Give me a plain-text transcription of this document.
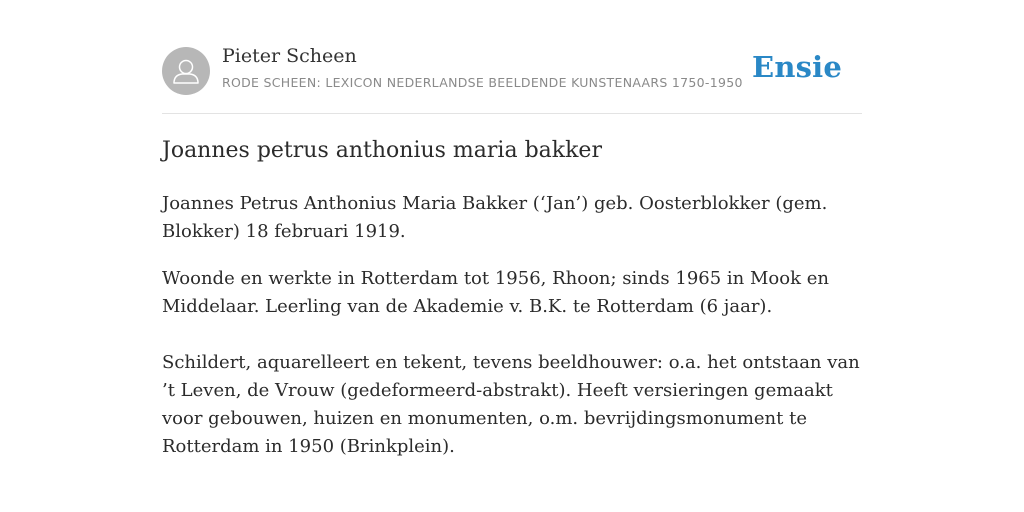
Pieter Scheen
RODE SCHEEN: LEXICON NEDERLANDSE BEELDENDE KUNSTENAARS 1750-1950 Ensie
Joannes petrus anthonius maria bakker

Joannes Petrus Anthonius Maria Bakker (‘Jan’) geb. Oosterblokker (gem. Blokker) 18 februari 1919.

Woonde en werkte in Rotterdam tot 1956, Rhoon; sinds 1965 in Mook en Middelaar. Leerling van de Akademie v. B.K. te Rotterdam (6 jaar).

Schildert, aquarelleert en tekent, tevens beeldhouwer: o.a. het ontstaan van ’t Leven, de Vrouw (gedeformeerd-abstrakt). Heeft versieringen gemaakt voor gebouwen, huizen en monumenten, o.m. bevrijdingsmonument te Rotterdam in 1950 (Brinkplein).
